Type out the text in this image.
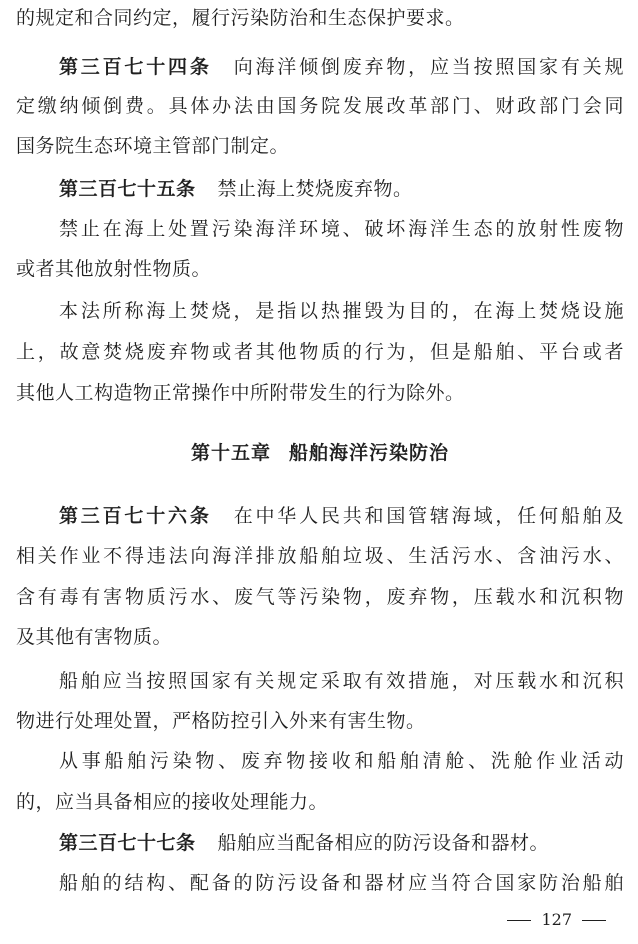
的规定和合同约定，履行污染防治和生态保护要求。
第三百七十四条 向海洋倾倒废弃物，应当按照国家有关规
定缴纳倾倒费。具体办法由国务院发展改革部门、财政部门会同
国务院生态环境主管部门制定。
第三百七十五条 禁止海上焚烧废弃物。
禁止在海上处置污染海洋环境、破坏海洋生态的放射性废物
或者其他放射性物质。
本法所称海上焚烧，是指以热摧毁为目的，在海上焚烧设施
上，故意焚烧废弃物或者其他物质的行为，但是船舶、平台或者
其他人工构造物正常操作中所附带发生的行为除外。
第十五章 船舶海洋污染防治
第三百七十六条 在中华人民共和国管辖海域，任何船舶及
相关作业不得违法向海洋排放船舶垃圾、生活污水、含油污水、
含有毒有害物质污水、废气等污染物，废弃物，压载水和沉积物
及其他有害物质。
船舶应当按照国家有关规定采取有效措施，对压载水和沉积
物进行处理处置，严格防控引入外来有害生物。
从事船舶污染物、废弃物接收和船舶清舱、洗舱作业活动
的，应当具备相应的接收处理能力。
第三百七十七条 船舶应当配备相应的防污设备和器材。
船舶的结构、配备的防污设备和器材应当符合国家防治船舶
127
